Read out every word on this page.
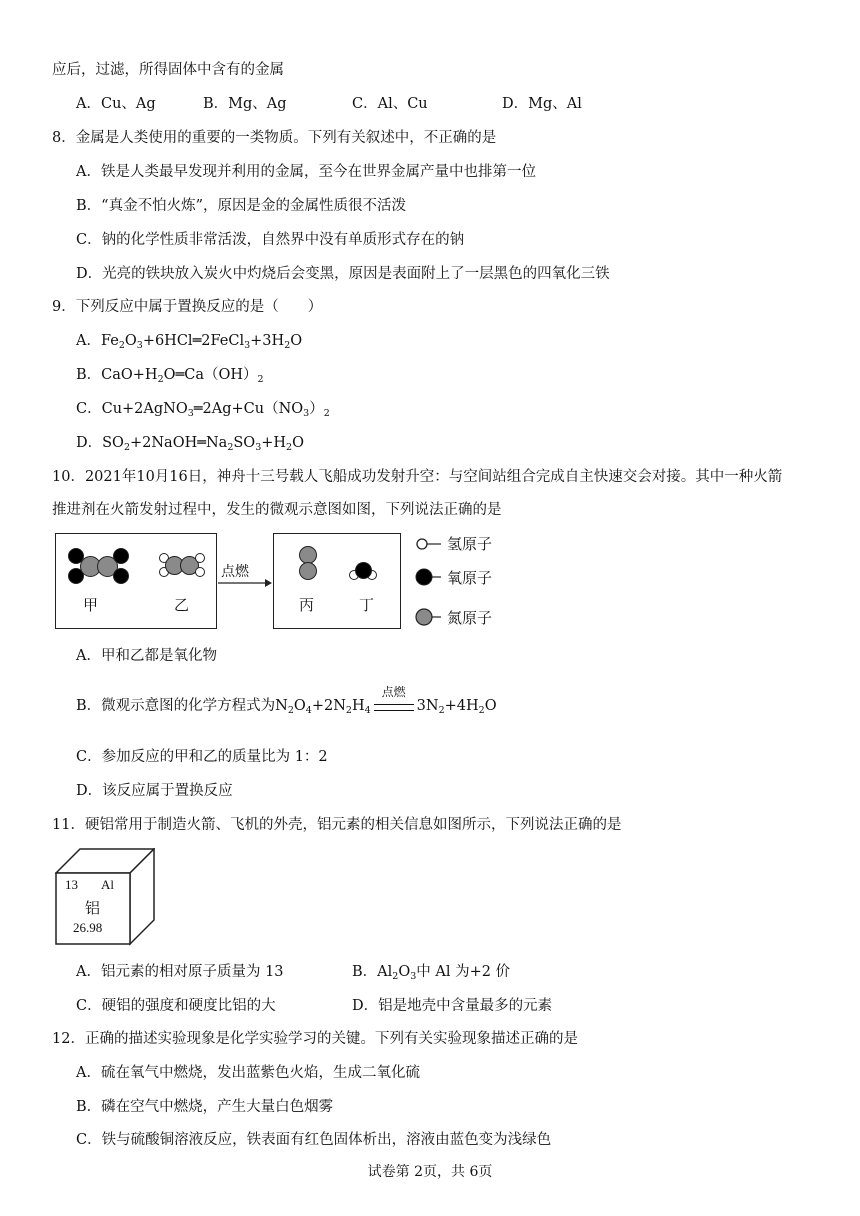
应后，过滤，所得固体中含有的金属
A．Cu、Ag	B．Mg、Ag	C．Al、Cu	D．Mg、Al
8．金属是人类使用的重要的一类物质。下列有关叙述中，不正确的是
A．铁是人类最早发现并利用的金属，至今在世界金属产量中也排第一位
B．“真金不怕火炼”，原因是金的金属性质很不活泼
C．钠的化学性质非常活泼，自然界中没有单质形式存在的钠
D．光亮的铁块放入炭火中灼烧后会变黑，原因是表面附上了一层黑色的四氧化三铁
9．下列反应中属于置换反应的是（　　）
A．$Fe_2O_3+6HCl═2FeCl_3+3H_2O$
B．$CaO+H_2O═Ca(OH)_2$
C．$Cu+2AgNO_3═2Ag+Cu(NO_3)_2$
D．$SO_2+2NaOH═Na_2SO_3+H_2O$
10．2021年10月16日，神舟十三号载人飞船成功发射升空：与空间站组合完成自主快速交会对接。其中一种火箭
推进剂在火箭发射过程中，发生的微观示意图如图，下列说法正确的是
甲	乙
点燃
丙	丁
氢原子
氧原子
氮原子
A．甲和乙都是氧化物
B．微观示意图的化学方程式为$N_2O_4+2N_2H_4$
点燃
$3N_2+4H_2O$
C．参加反应的甲和乙的质量比为 1：2
D．该反应属于置换反应
11．硬铝常用于制造火箭、飞机的外壳，铝元素的相关信息如图所示，下列说法正确的是
13 Al
铝
26.98
A．铝元素的相对原子质量为 13	B．$Al_2O_3$中 Al 为+2 价
C．硬铝的强度和硬度比铝的大	D．铝是地壳中含量最多的元素
12．正确的描述实验现象是化学实验学习的关键。下列有关实验现象描述正确的是
A．硫在氧气中燃烧，发出蓝紫色火焰，生成二氧化硫
B．磷在空气中燃烧，产生大量白色烟雾
C．铁与硫酸铜溶液反应，铁表面有红色固体析出，溶液由蓝色变为浅绿色
试卷第 2页，共 6页
